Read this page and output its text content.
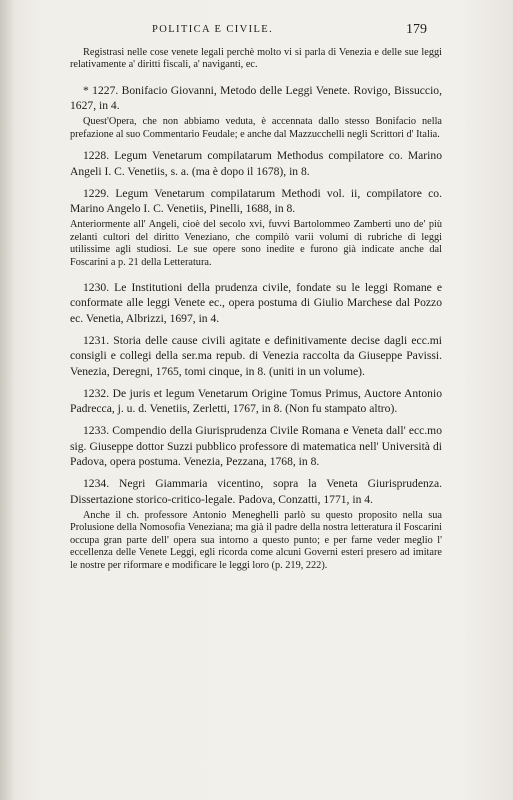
POLITICA E CIVILE.	179

Registrasi nelle cose venete legali perchè molto vi si parla di Venezia e delle sue leggi relativamente a' diritti fiscali, a' naviganti, ec.

* 1227. Bonifacio Giovanni, Metodo delle Leggi Venete. Rovigo, Bissuccio, 1627, in 4.

Quest'Opera, che non abbiamo veduta, è accennata dallo stesso Bonifacio nella prefazione al suo Commentario Feudale; e anche dal Mazzucchelli negli Scrittori d' Italia.

1228. Legum Venetarum compilatarum Methodus compilatore co. Marino Angeli I. C. Venetiis, s. a. (ma è dopo il 1678), in 8.

1229. Legum Venetarum compilatarum Methodi vol. ii, compilatore co. Marino Angelo I. C. Venetiis, Pinelli, 1688, in 8.

Anteriormente all' Angeli, cioè del secolo xvi, fuvvi Bartolommeo Zamberti uno de' più zelanti cultori del diritto Veneziano, che compilò varii volumi di rubriche di leggi utilissime agli studiosi. Le sue opere sono inedite e furono già indicate anche dal Foscarini a p. 21 della Letteratura.

1230. Le Institutioni della prudenza civile, fondate su le leggi Romane e conformate alle leggi Venete ec., opera postuma di Giulio Marchese dal Pozzo ec. Venetia, Albrizzi, 1697, in 4.

1231. Storia delle cause civili agitate e definitivamente decise dagli ecc.mi consigli e collegi della ser.ma repub. di Venezia raccolta da Giuseppe Pavissi. Venezia, Deregni, 1765, tomi cinque, in 8. (uniti in un volume).

1232. De juris et legum Venetarum Origine Tomus Primus, Auctore Antonio Padrecca, j. u. d. Venetiis, Zerletti, 1767, in 8. (Non fu stampato altro).

1233. Compendio della Giurisprudenza Civile Romana e Veneta dall' ecc.mo sig. Giuseppe dottor Suzzi pubblico professore di matematica nell' Università di Padova, opera postuma. Venezia, Pezzana, 1768, in 8.

1234. Negri Giammaria vicentino, sopra la Veneta Giurisprudenza. Dissertazione storico-critico-legale. Padova, Conzatti, 1771, in 4.

Anche il ch. professore Antonio Meneghelli parlò su questo proposito nella sua Prolusione della Nomosofia Veneziana; ma già il padre della nostra letteratura il Foscarini occupa gran parte dell' opera sua intorno a questo punto; e per farne veder meglio l' eccellenza delle Venete Leggi, egli ricorda come alcuni Governi esteri presero ad imitare le nostre per riformare e modificare le leggi loro (p. 219, 222).
